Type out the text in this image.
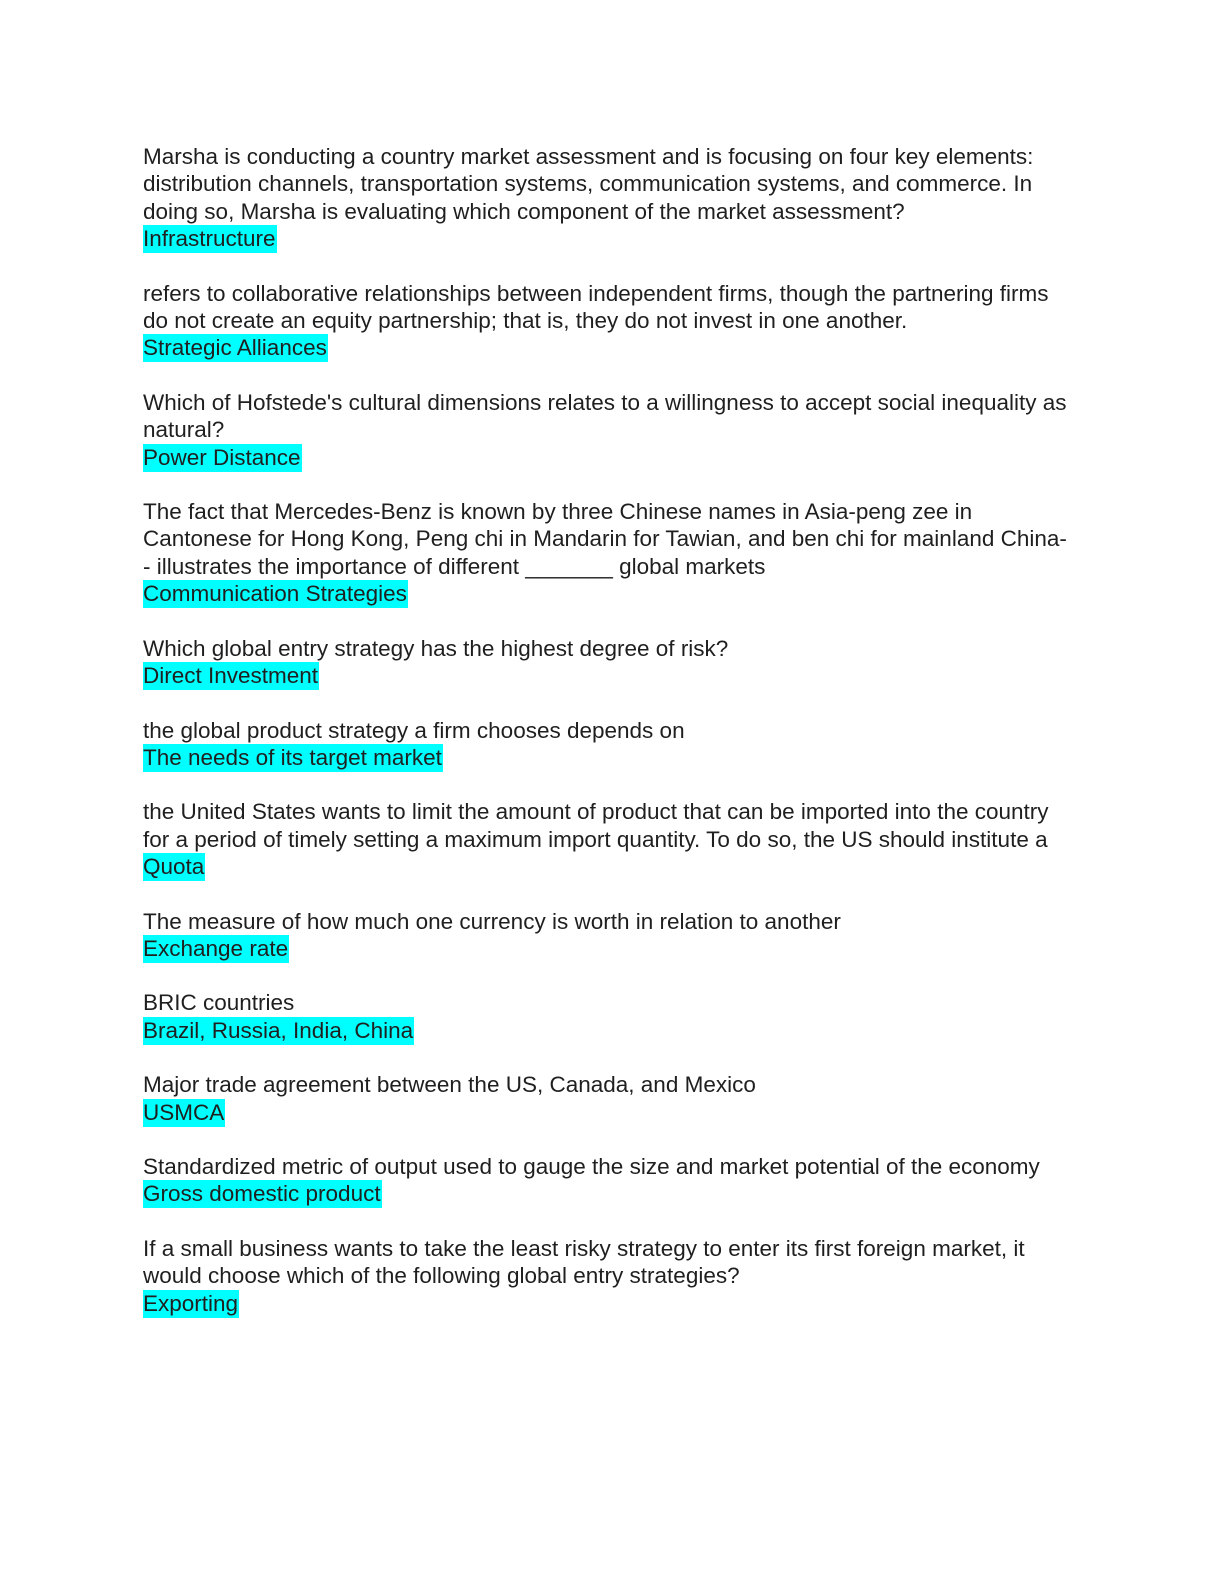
Marsha is conducting a country market assessment and is focusing on four key elements: distribution channels, transportation systems, communication systems, and commerce. In doing so, Marsha is evaluating which component of the market assessment?

Infrastructure

refers to collaborative relationships between independent firms, though the partnering firms do not create an equity partnership; that is, they do not invest in one another.

Strategic Alliances

Which of Hofstede's cultural dimensions relates to a willingness to accept social inequality as natural?

Power Distance

The fact that Mercedes-Benz is known by three Chinese names in Asia-peng zee in Cantonese for Hong Kong, Peng chi in Mandarin for Tawian, and ben chi for mainland China-- illustrates the importance of different _______ global markets

Communication Strategies

Which global entry strategy has the highest degree of risk?

Direct Investment

the global product strategy a firm chooses depends on

The needs of its target market

the United States wants to limit the amount of product that can be imported into the country for a period of timely setting a maximum import quantity. To do so, the US should institute a

Quota

The measure of how much one currency is worth in relation to another

Exchange rate

BRIC countries

Brazil, Russia, India, China

Major trade agreement between the US, Canada, and Mexico

USMCA

Standardized metric of output used to gauge the size and market potential of the economy

Gross domestic product

If a small business wants to take the least risky strategy to enter its first foreign market, it would choose which of the following global entry strategies?

Exporting
